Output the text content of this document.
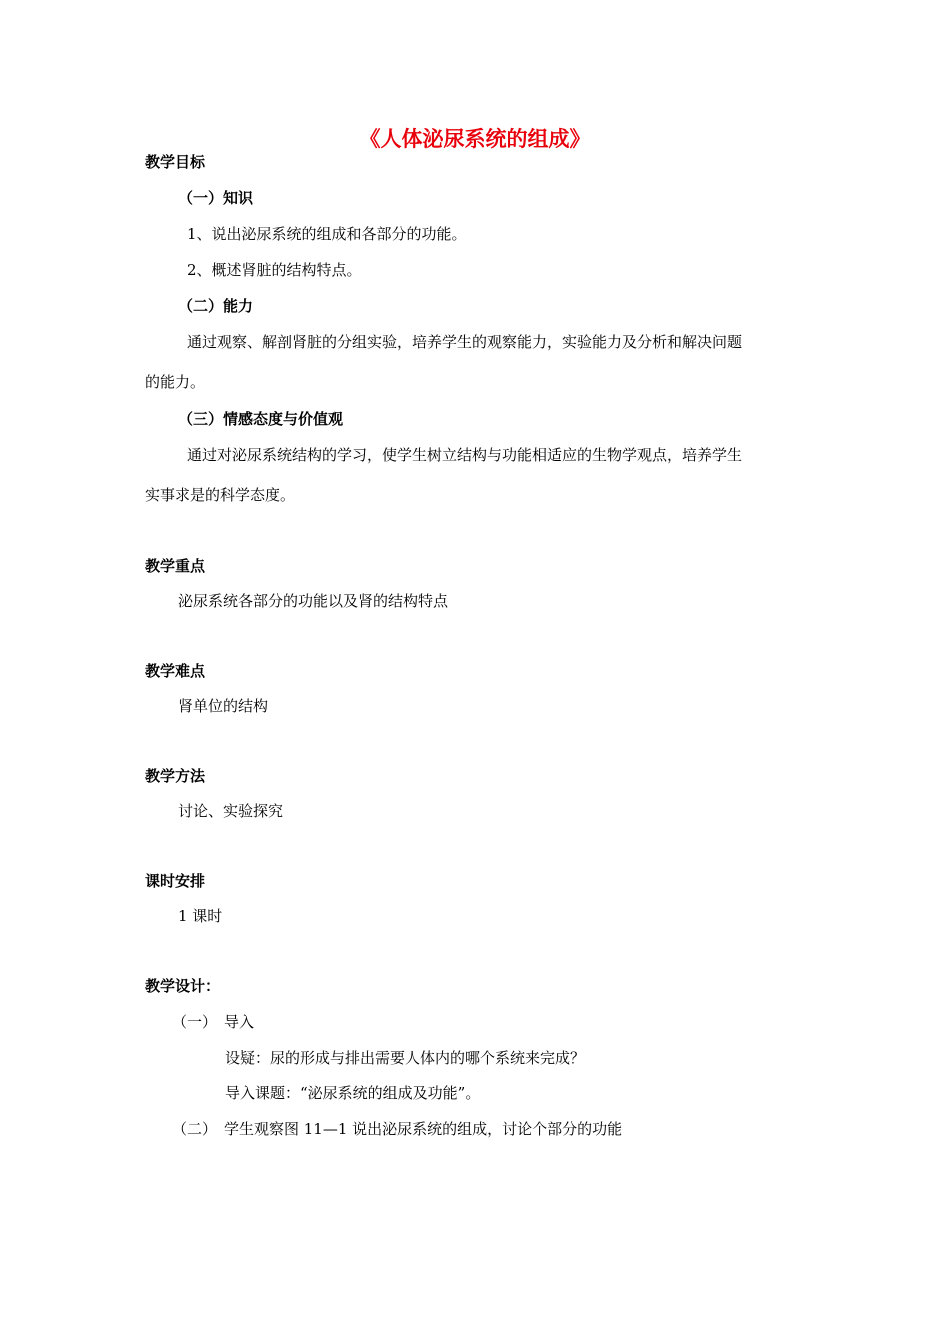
《人体泌尿系统的组成》
教学目标
（一）知识
1、说出泌尿系统的组成和各部分的功能。
2、概述肾脏的结构特点。
（二）能力
通过观察、解剖肾脏的分组实验，培养学生的观察能力，实验能力及分析和解决问题
的能力。
（三）情感态度与价值观
通过对泌尿系统结构的学习，使学生树立结构与功能相适应的生物学观点，培养学生
实事求是的科学态度。
教学重点
泌尿系统各部分的功能以及肾的结构特点
教学难点
肾单位的结构
教学方法
讨论、实验探究
课时安排
1 课时
教学设计：
（一） 导入
设疑：尿的形成与排出需要人体内的哪个系统来完成？
导入课题：“泌尿系统的组成及功能”。
（二） 学生观察图 11—1 说出泌尿系统的组成，讨论个部分的功能
